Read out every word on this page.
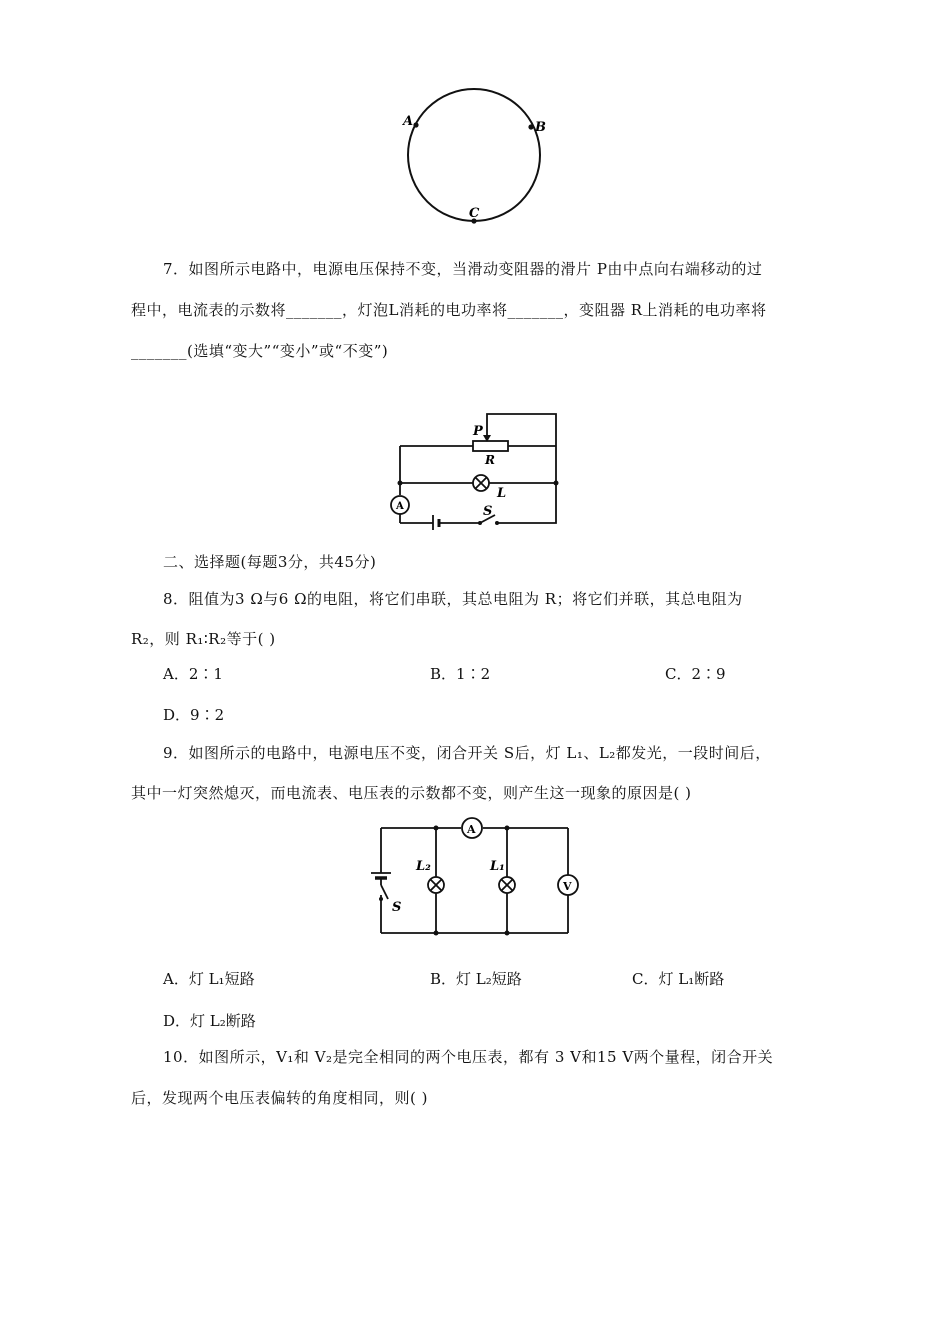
A	B
C
7．如图所示电路中，电源电压保持不变，当滑动变阻器的滑片 P由中点向右端移动的过
程中，电流表的示数将_______，灯泡L消耗的电功率将_______，变阻器 R上消耗的电功率将
_______(选填“变大”“变小”或“不变”)
P
R
L
S
A
二、选择题(每题3分，共45分)
8．阻值为3 Ω与6 Ω的电阻，将它们串联，其总电阻为 R；将它们并联，其总电阻为
R₂，则 R₁∶R₂等于( )
A．2∶1	B．1∶2	C．2∶9
D．9∶2
9．如图所示的电路中，电源电压不变，闭合开关 S后，灯 L₁、L₂都发光，一段时间后，
其中一灯突然熄灭，而电流表、电压表的示数都不变，则产生这一现象的原因是( )
L₂	L₁
S
A
V
A．灯 L₁短路	B．灯 L₂短路	C．灯 L₁断路
D．灯 L₂断路
10．如图所示，V₁和 V₂是完全相同的两个电压表，都有 3 V和15 V两个量程，闭合开关
后，发现两个电压表偏转的角度相同，则( )
